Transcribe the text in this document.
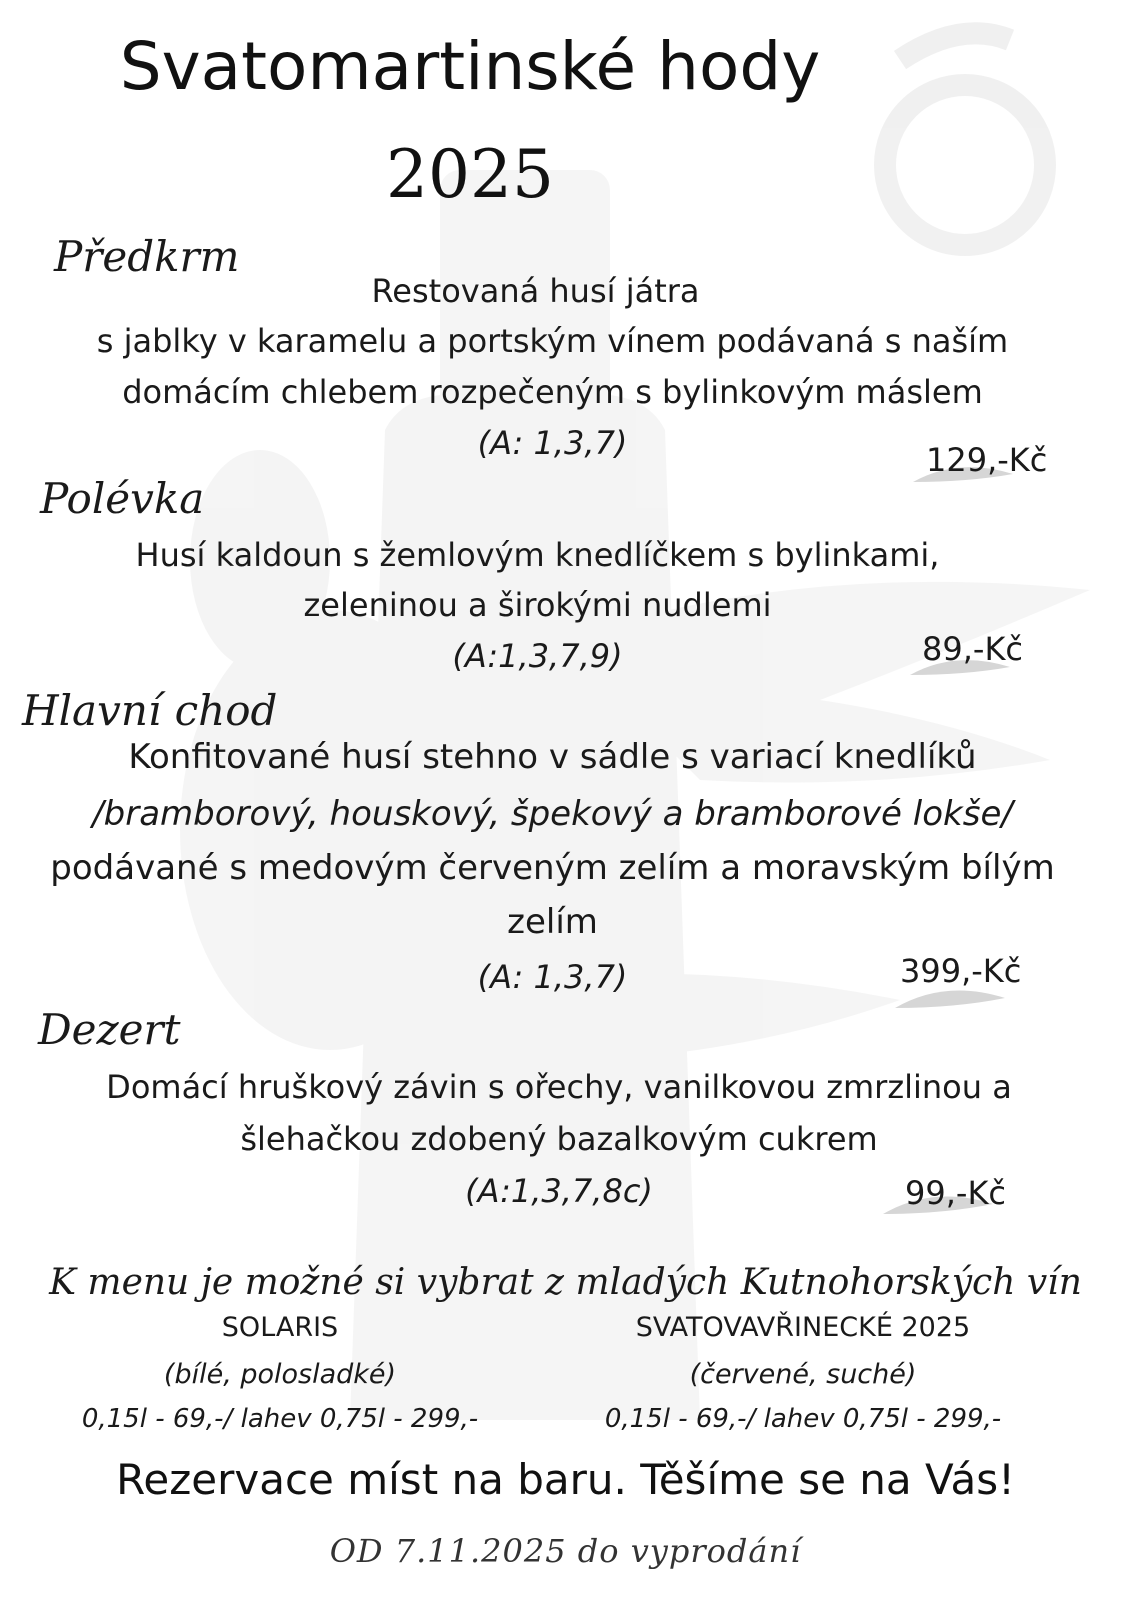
Svatomartinské hody
2025
Předkrm
Restovaná husí játra
s jablky v karamelu a portským vínem podávaná s naším
domácím chlebem rozpečeným s bylinkovým máslem
(A: 1,3,7)	129,-Kč
Polévka
Husí kaldoun s žemlovým knedlíčkem s bylinkami,
zeleninou a širokými nudlemi
(A:1,3,7,9)	89,-Kč
Hlavní chod
Konfitované husí stehno v sádle s variací knedlíků
/bramborový, houskový, špekový a bramborové lokše/
podávané s medovým červeným zelím a moravským bílým
zelím
(A: 1,3,7)	399,-Kč
Dezert
Domácí hruškový závin s ořechy, vanilkovou zmrzlinou a
šlehačkou zdobený bazalkovým cukrem
(A:1,3,7,8c)	99,-Kč
K menu je možné si vybrat z mladých Kutnohorských vín
SOLARIS
(bílé, polosladké)
0,15l - 69,-/ lahev 0,75l - 299,-
SVATOVAVŘINECKÉ 2025
(červené, suché)
0,15l - 69,-/ lahev 0,75l - 299,-
Rezervace míst na baru. Těšíme se na Vás!
OD 7.11.2025 do vyprodání
